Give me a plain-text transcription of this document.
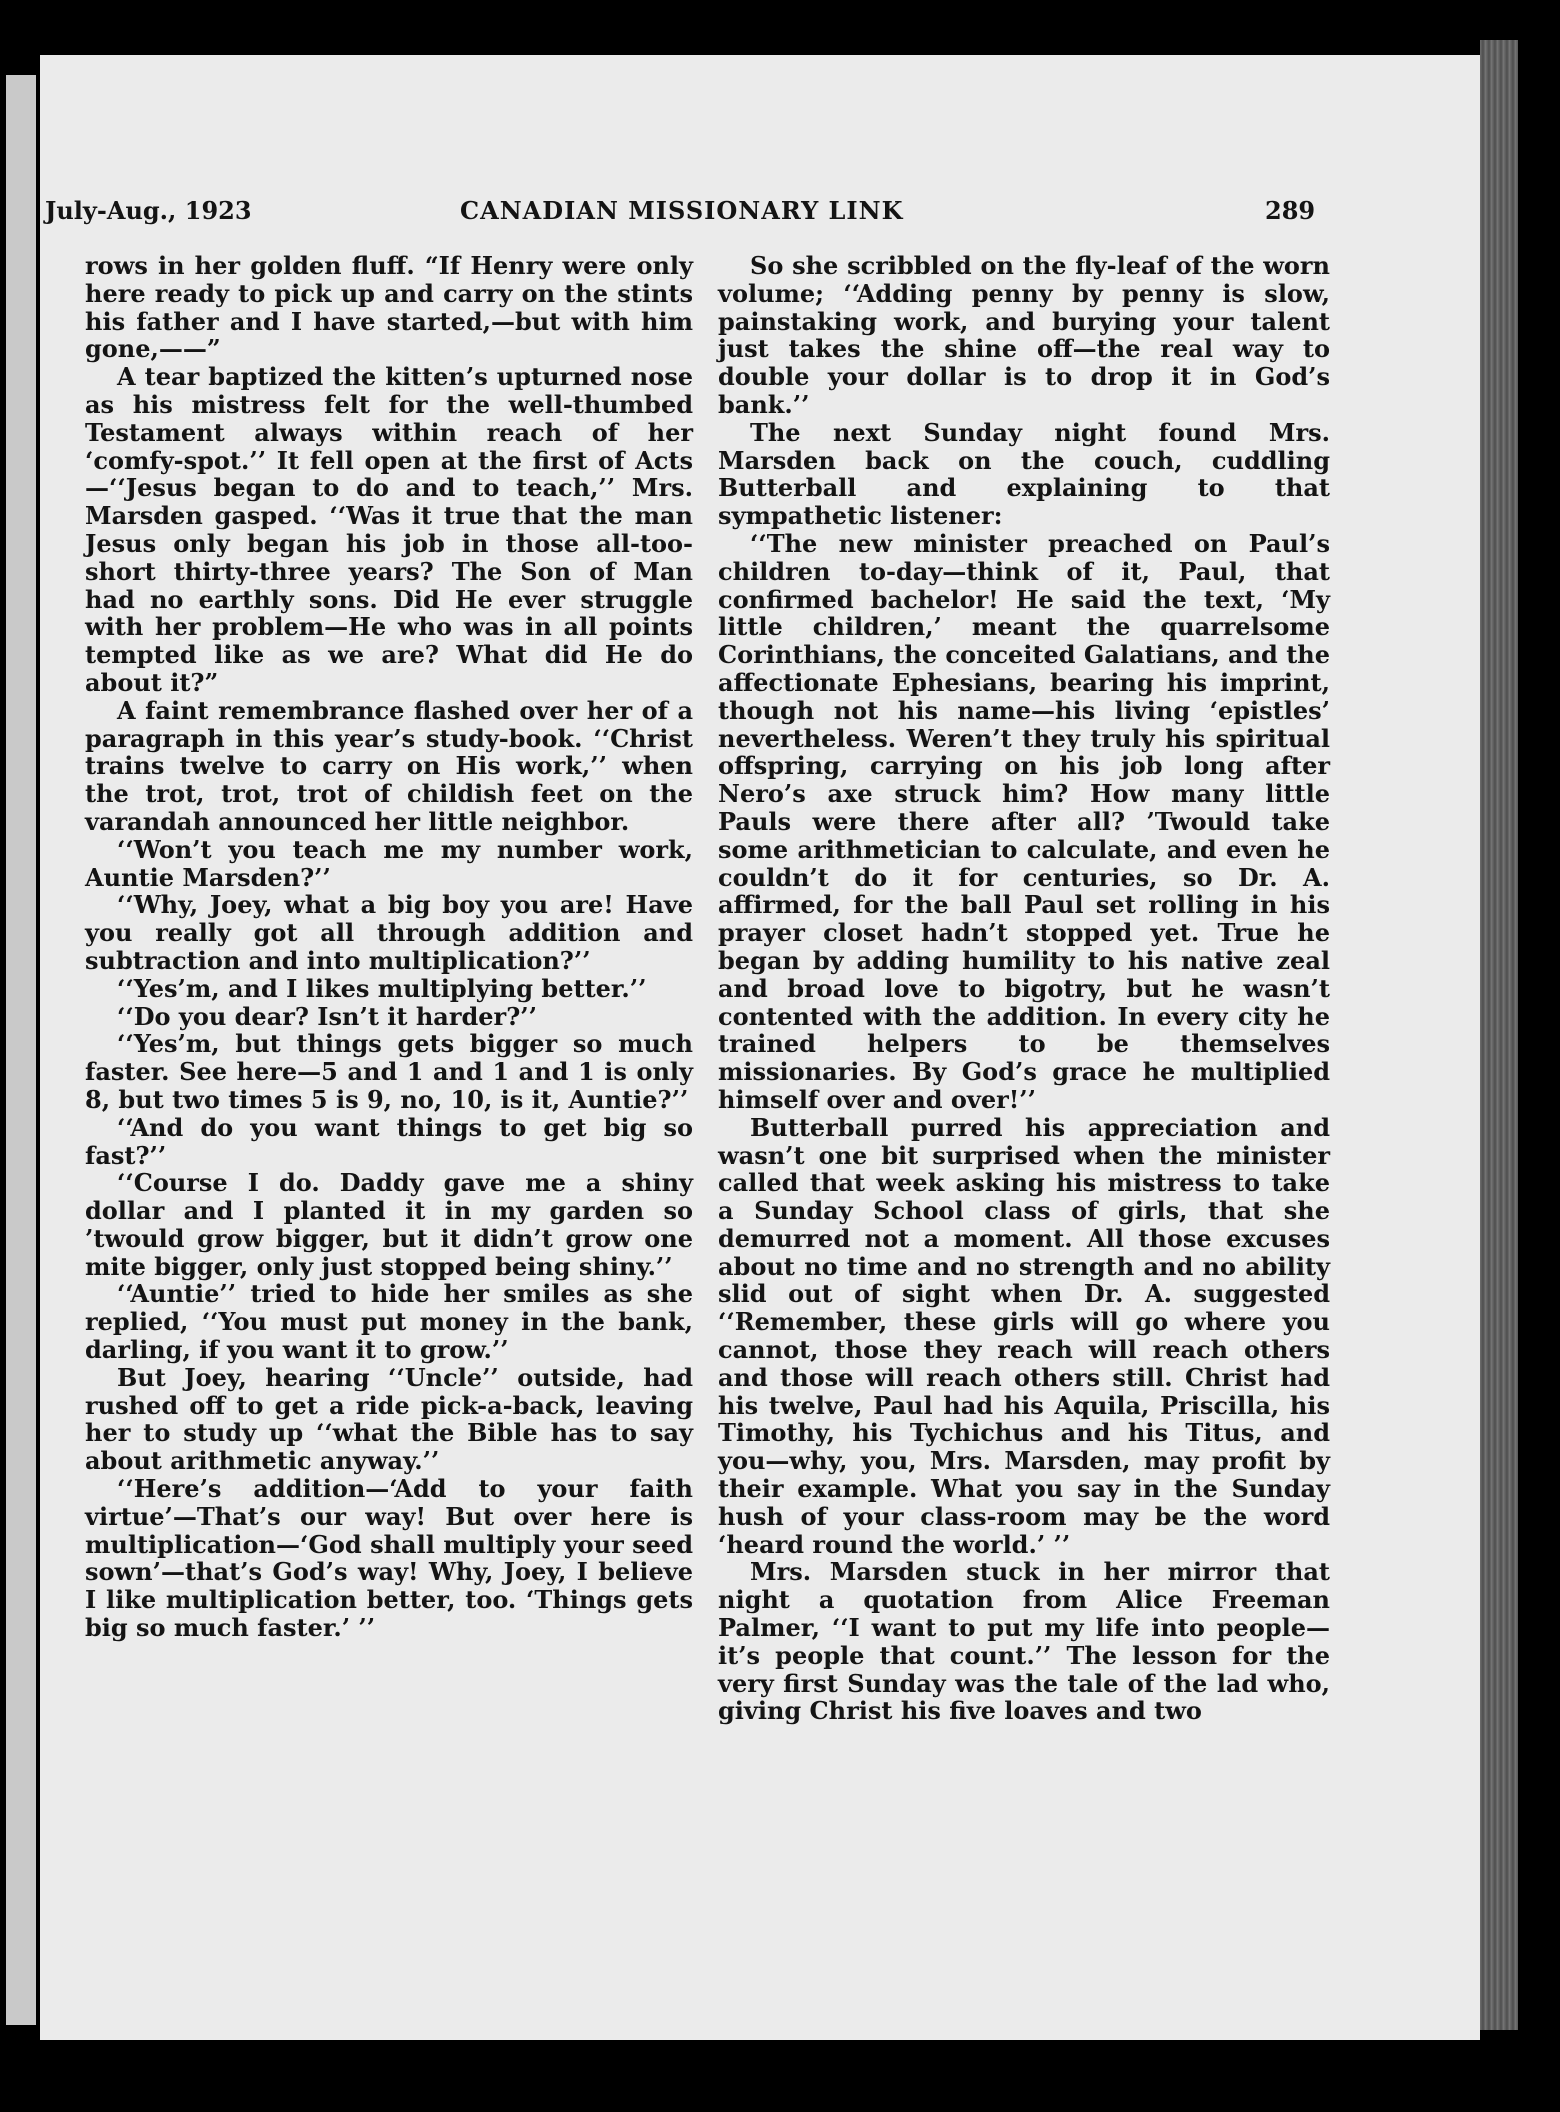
July-Aug., 1923	CANADIAN MISSIONARY LINK	289

rows in her golden fluff. “If Henry were only here ready to pick up and carry on the stints his father and I have started,—but with him gone,——”

A tear baptized the kitten’s upturned nose as his mistress felt for the well-thumbed Testament always within reach of her ‘comfy-spot.’’ It fell open at the first of Acts—‘‘Jesus began to do and to teach,’’ Mrs. Marsden gasped. ‘‘Was it true that the man Jesus only began his job in those all-too-short thirty-three years? The Son of Man had no earthly sons. Did He ever struggle with her problem—He who was in all points tempted like as we are? What did He do about it?”

A faint remembrance flashed over her of a paragraph in this year’s study-book. ‘‘Christ trains twelve to carry on His work,’’ when the trot, trot, trot of childish feet on the varandah announced her little neighbor.

‘‘Won’t you teach me my number work, Auntie Marsden?’’

‘‘Why, Joey, what a big boy you are! Have you really got all through addition and subtraction and into multiplication?’’

‘‘Yes’m, and I likes multiplying better.’’

‘‘Do you dear? Isn’t it harder?’’

‘‘Yes’m, but things gets bigger so much faster. See here—5 and 1 and 1 and 1 is only 8, but two times 5 is 9, no, 10, is it, Auntie?’’

‘‘And do you want things to get big so fast?’’

‘‘Course I do. Daddy gave me a shiny dollar and I planted it in my garden so ’twould grow bigger, but it didn’t grow one mite bigger, only just stopped being shiny.’’

‘‘Auntie’’ tried to hide her smiles as she replied, ‘‘You must put money in the bank, darling, if you want it to grow.’’

But Joey, hearing ‘‘Uncle’’ outside, had rushed off to get a ride pick-a-back, leaving her to study up ‘‘what the Bible has to say about arithmetic anyway.’’

‘‘Here’s addition—‘Add to your faith virtue’—That’s our way! But over here is multiplication—‘God shall multiply your seed sown’—that’s God’s way! Why, Joey, I believe I like multiplication better, too. ‘Things gets big so much faster.’ ’’

So she scribbled on the fly-leaf of the worn volume; ‘‘Adding penny by penny is slow, painstaking work, and burying your talent just takes the shine off—the real way to double your dollar is to drop it in God’s bank.’’

The next Sunday night found Mrs. Marsden back on the couch, cuddling Butterball and explaining to that sympathetic listener:

‘‘The new minister preached on Paul’s children to-day—think of it, Paul, that confirmed bachelor! He said the text, ‘My little children,’ meant the quarrelsome Corinthians, the conceited Galatians, and the affectionate Ephesians, bearing his imprint, though not his name—his living ‘epistles’ nevertheless. Weren’t they truly his spiritual offspring, carrying on his job long after Nero’s axe struck him? How many little Pauls were there after all? ’Twould take some arithmetician to calculate, and even he couldn’t do it for centuries, so Dr. A. affirmed, for the ball Paul set rolling in his prayer closet hadn’t stopped yet. True he began by adding humility to his native zeal and broad love to bigotry, but he wasn’t contented with the addition. In every city he trained helpers to be themselves missionaries. By God’s grace he multiplied himself over and over!’’

Butterball purred his appreciation and wasn’t one bit surprised when the minister called that week asking his mistress to take a Sunday School class of girls, that she demurred not a moment. All those excuses about no time and no strength and no ability slid out of sight when Dr. A. suggested ‘‘Remember, these girls will go where you cannot, those they reach will reach others and those will reach others still. Christ had his twelve, Paul had his Aquila, Priscilla, his Timothy, his Tychichus and his Titus, and you—why, you, Mrs. Marsden, may profit by their example. What you say in the Sunday hush of your class-room may be the word ‘heard round the world.’ ’’

Mrs. Marsden stuck in her mirror that night a quotation from Alice Freeman Palmer, ‘‘I want to put my life into people—it’s people that count.’’ The lesson for the very first Sunday was the tale of the lad who, giving Christ his five loaves and two
